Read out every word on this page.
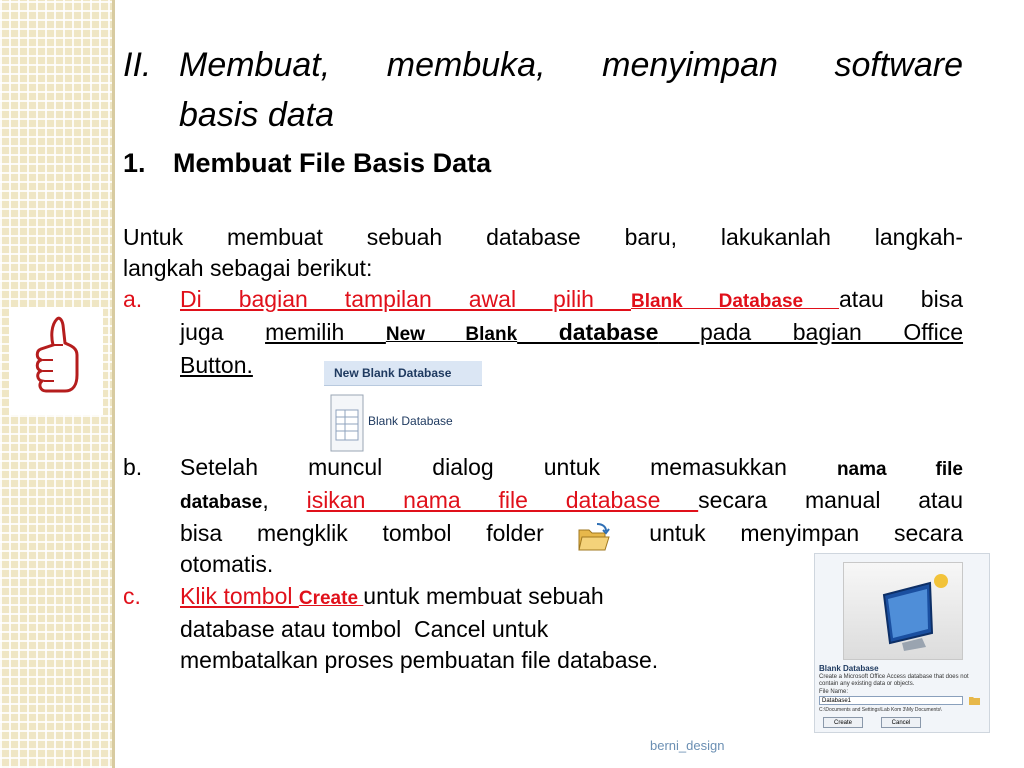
II. Membuat, membuka, menyimpan software
basis data
1. Membuat File Basis Data
Untuk membuat sebuah database baru, lakukanlah langkah-
langkah sebagai berikut:
a. Di bagian tampilan awal pilih Blank Database atau bisa
juga memilih New Blank database pada bagian Office
Button.	New Blank Database
Blank Database
b. Setelah muncul dialog untuk memasukkan nama file
database, isikan nama file database secara manual atau
bisa mengklik tombol folder  untuk menyimpan secara
otomatis.
c. Klik tombol Create untuk membuat sebuah
database atau tombol  Cancel untuk
membatalkan proses pembuatan file database.	Blank Database
Create a Microsoft Office Access database that does not contain any existing data or objects.
File Name:
Database1
C:\Documents and Settings\Lab Kom 3\My Documents\
Create	Cancel
berni_design
